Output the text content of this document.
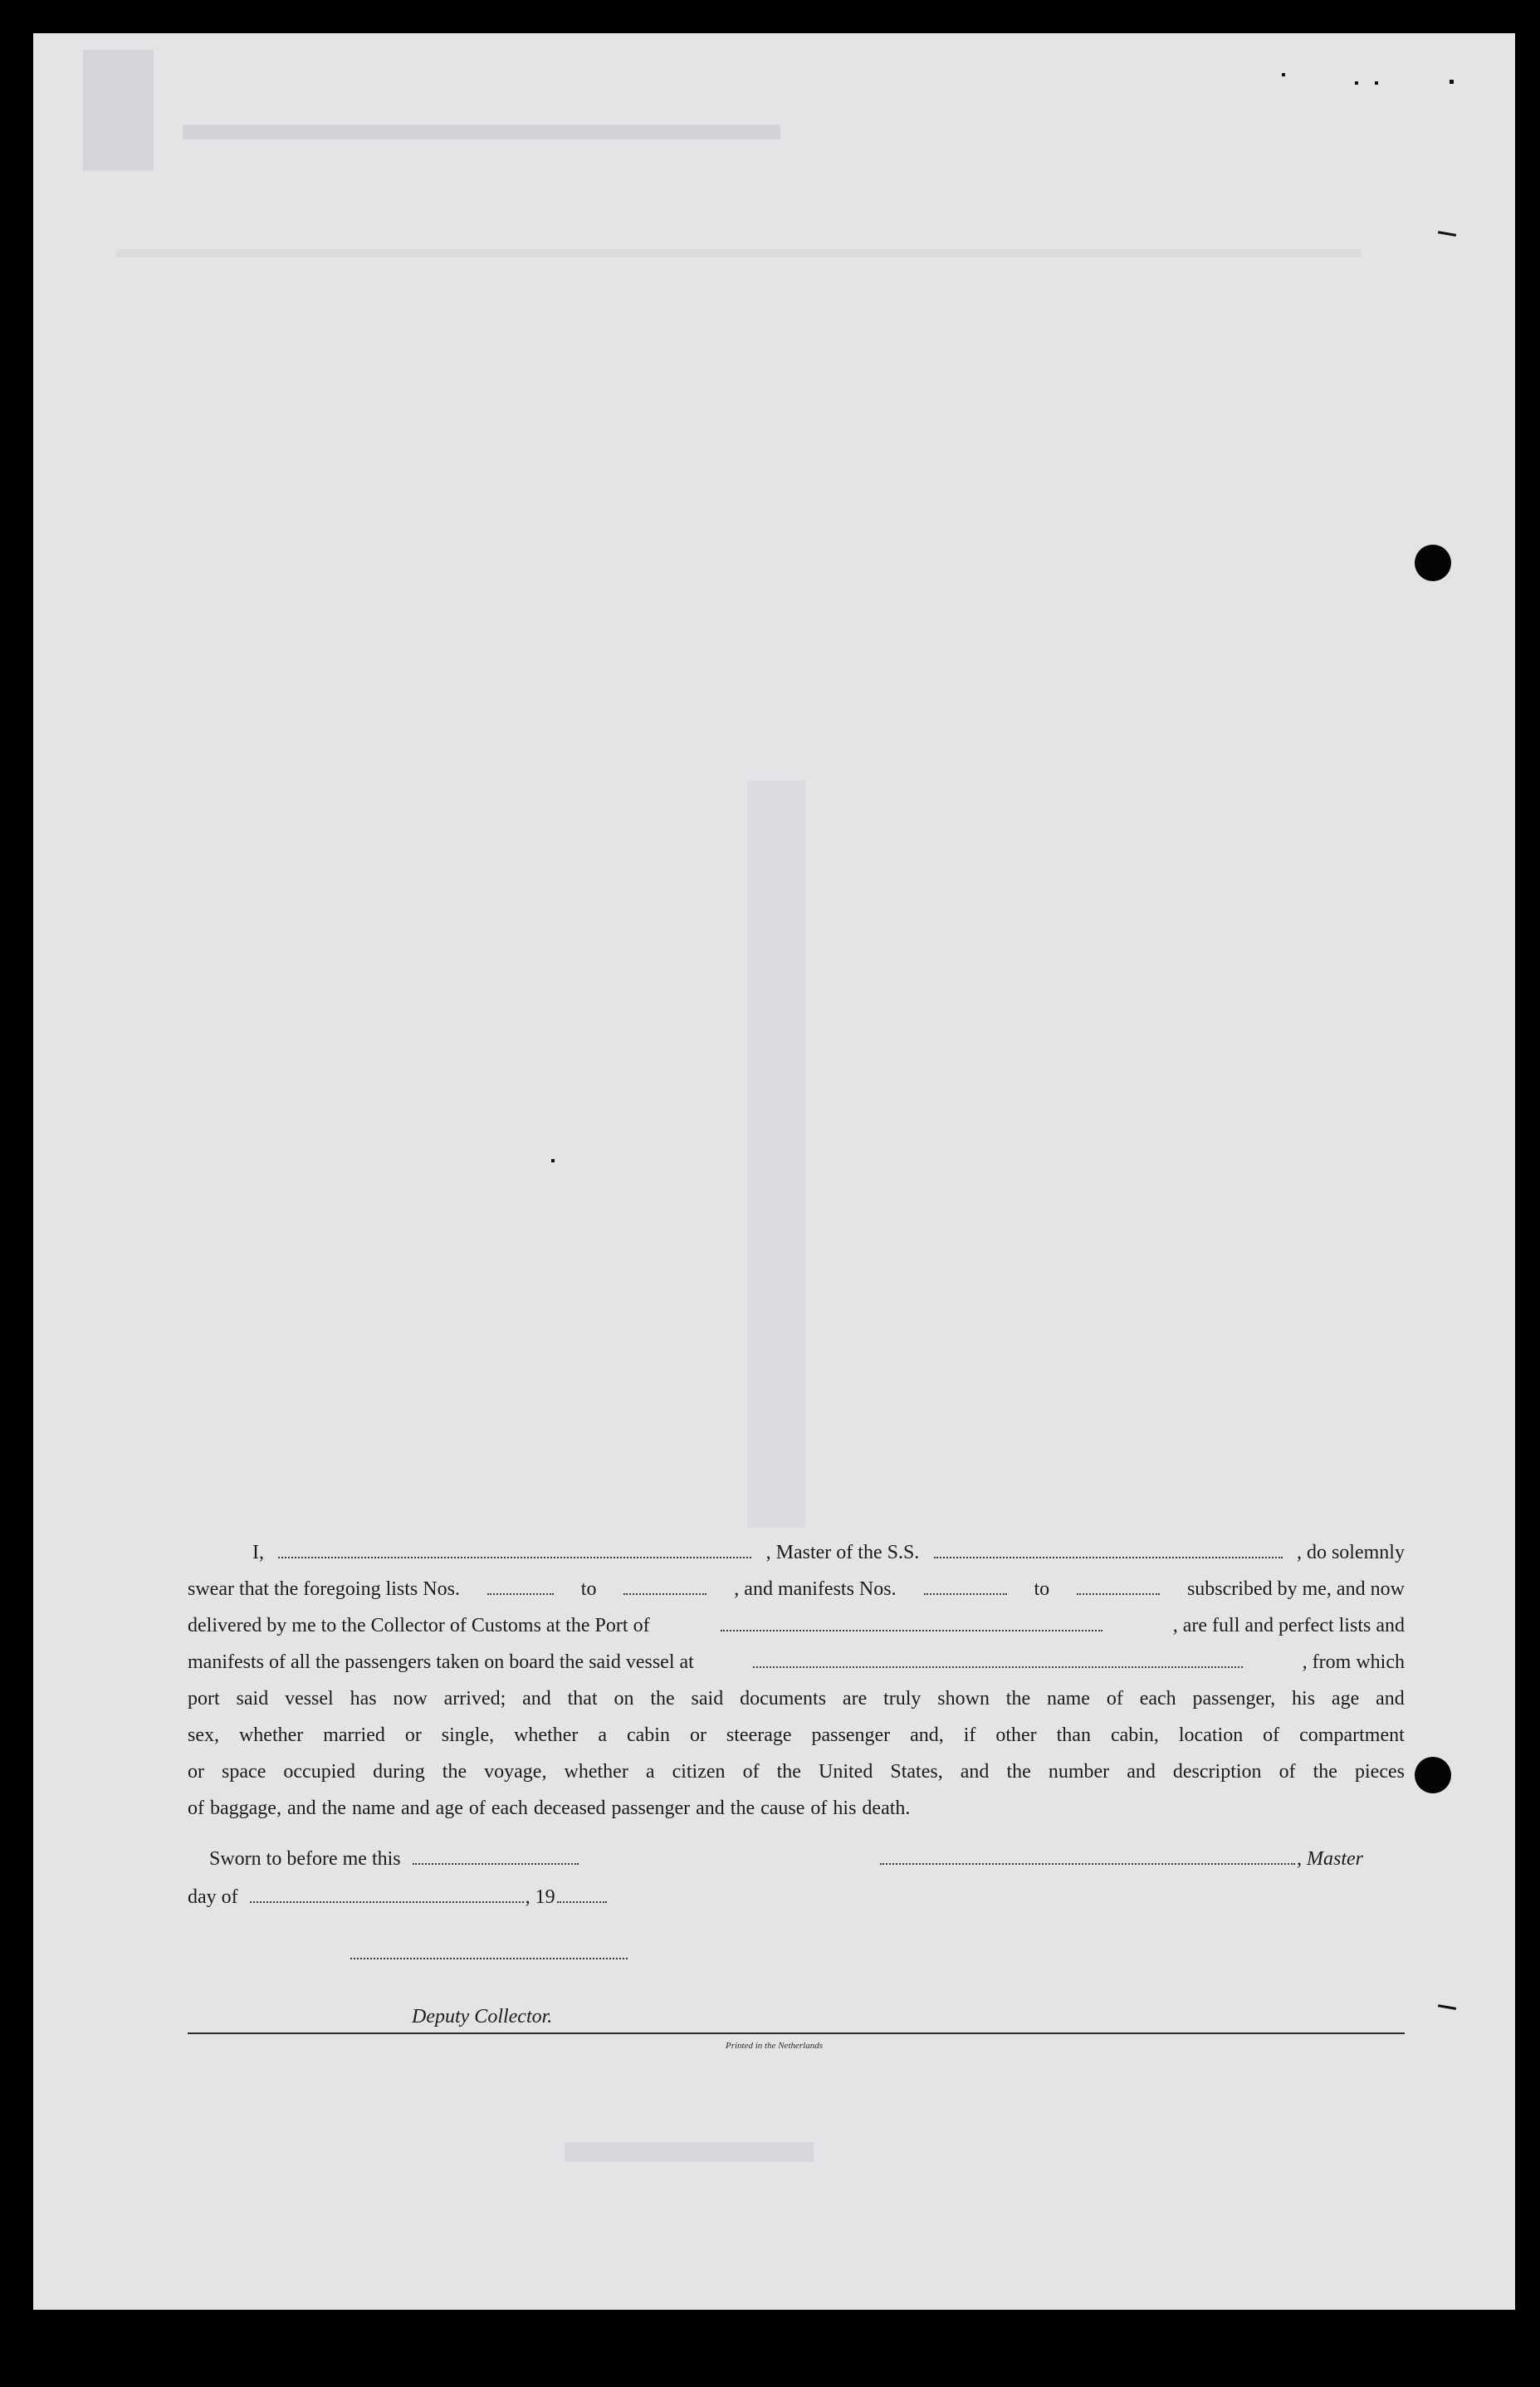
█
I,	, Master of the S.S.	, do solemnly
swear that the foregoing lists Nos.	to	, and manifests Nos.	to	subscribed by me, and now
delivered by me to the Collector of Customs at the Port of	, are full and perfect lists and
manifests of all the passengers taken on board the said vessel at	, from which
port said vessel has now arrived; and that on the said documents are truly shown the name of each passenger, his age and
sex, whether married or single, whether a cabin or steerage passenger and, if other than cabin, location of compartment
or space occupied during the voyage, whether a citizen of the United States, and the number and description of the pieces
of baggage, and the name and age of each deceased passenger and the cause of his death.
Sworn to before me this	, Master
day of	, 19
Deputy Collector.
Printed in the Netherlands
